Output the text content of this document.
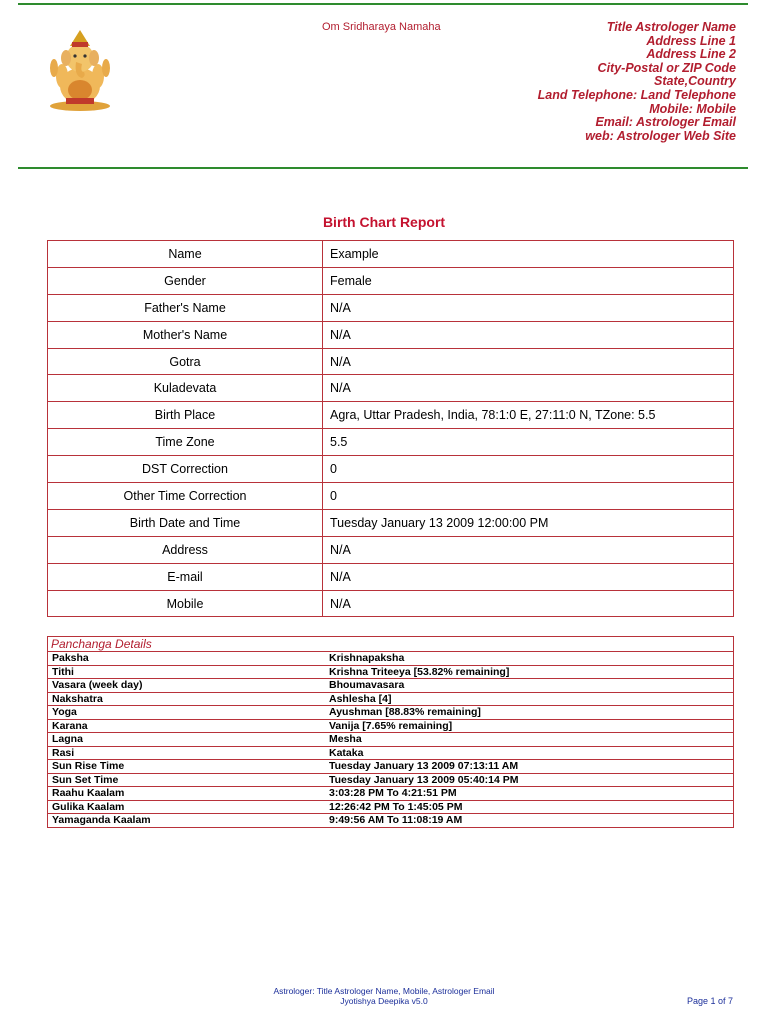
Om Sridharaya Namaha	Title Astrologer Name
Address Line 1
Address Line 2
City-Postal or ZIP Code
State,Country
Land Telephone: Land Telephone
Mobile: Mobile
Email: Astrologer Email
web: Astrologer Web Site
Birth Chart Report
Name	Example
Gender	Female
Father's Name	N/A
Mother's Name	N/A
Gotra	N/A
Kuladevata	N/A
Birth Place	Agra, Uttar Pradesh, India, 78:1:0 E, 27:11:0 N, TZone: 5.5
Time Zone	5.5
DST Correction	0
Other Time Correction	0
Birth Date and Time	Tuesday January 13 2009 12:00:00 PM
Address	N/A
E-mail	N/A
Mobile	N/A
Panchanga Details
Paksha	Krishnapaksha
Tithi	Krishna Triteeya [53.82% remaining]
Vasara (week day)	Bhoumavasara
Nakshatra	Ashlesha [4]
Yoga	Ayushman [88.83% remaining]
Karana	Vanija [7.65% remaining]
Lagna	Mesha
Rasi	Kataka
Sun Rise Time	Tuesday January 13 2009 07:13:11 AM
Sun Set Time	Tuesday January 13 2009 05:40:14 PM
Raahu Kaalam	3:03:28 PM To 4:21:51 PM
Gulika Kaalam	12:26:42 PM To 1:45:05 PM
Yamaganda Kaalam	9:49:56 AM To 11:08:19 AM
Astrologer: Title Astrologer Name, Mobile, Astrologer Email
Jyotishya Deepika v5.0	Page 1 of 7
